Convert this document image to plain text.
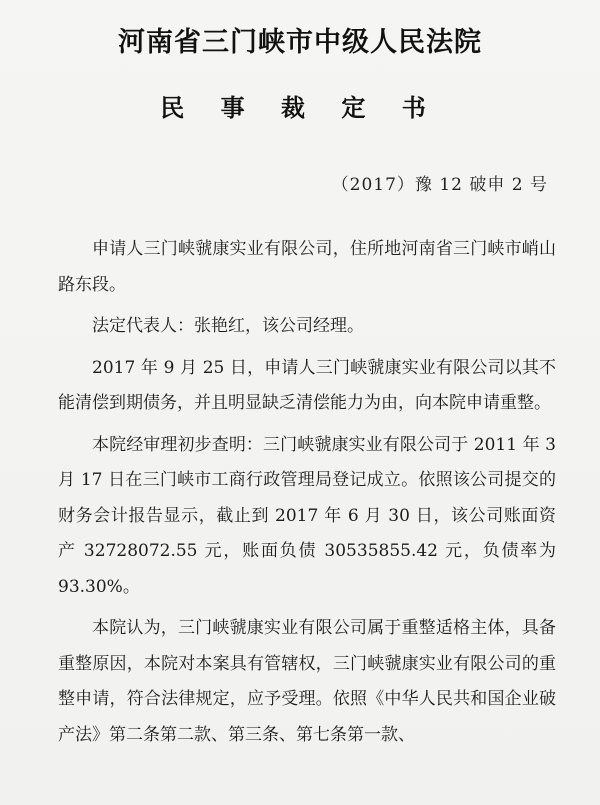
河南省三门峡市中级人民法院
民 事 裁 定 书
（2017）豫 12 破申 2 号

申请人三门峡虢康实业有限公司，住所地河南省三门峡市峭山路东段。

法定代表人：张艳红，该公司经理。

2017 年 9 月 25 日，申请人三门峡虢康实业有限公司以其不能清偿到期债务，并且明显缺乏清偿能力为由，向本院申请重整。

本院经审理初步查明：三门峡虢康实业有限公司于 2011 年 3 月 17 日在三门峡市工商行政管理局登记成立。依照该公司提交的财务会计报告显示，截止到 2017 年 6 月 30 日，该公司账面资产 32728072.55 元，账面负债 30535855.42 元，负债率为 93.30%。

本院认为，三门峡虢康实业有限公司属于重整适格主体，具备重整原因，本院对本案具有管辖权，三门峡虢康实业有限公司的重整申请，符合法律规定，应予受理。依照《中华人民共和国企业破产法》第二条第二款、第三条、第七条第一款、
